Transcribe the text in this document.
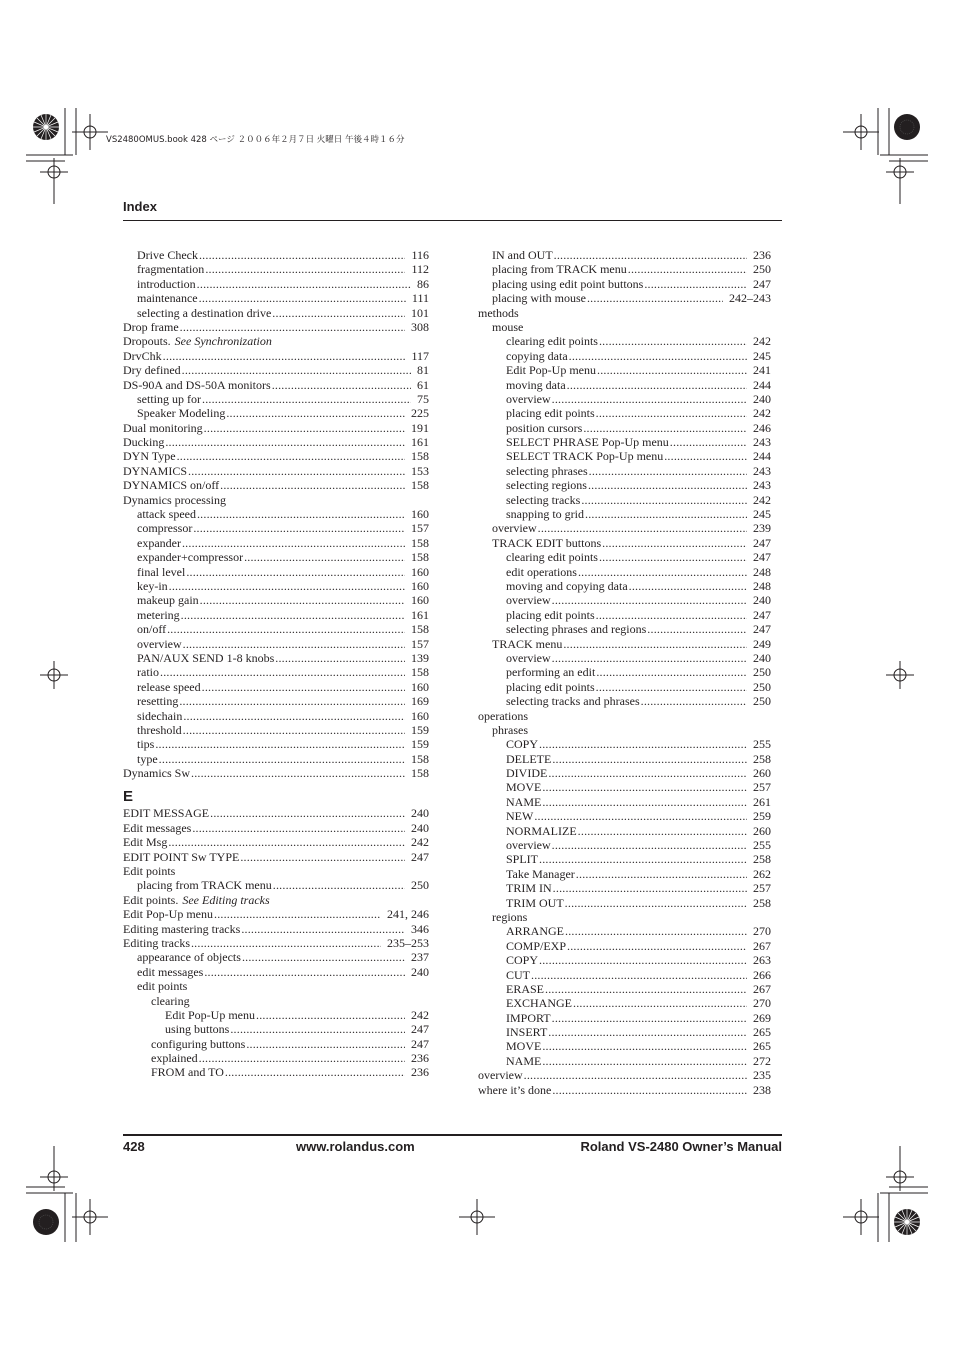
VS2480OMUS.book 428 ページ ２００６年２月７日 火曜日 午後４時１６分
Index
Drive Check .....	116
fragmentation .....	112
introduction .....	86
maintenance .....	111
selecting a destination drive .....	101
Drop frame .....	308
Dropouts. See Synchronization
DrvChk .....	117
Dry defined .....	81
DS-90A and DS-50A monitors .....	61
setting up for .....	75
Speaker Modeling .....	225
Dual monitoring .....	191
Ducking .....	161
DYN Type .....	158
DYNAMICS .....	153
DYNAMICS on/off .....	158
Dynamics processing
attack speed .....	160
compressor .....	157
expander .....	158
expander+compressor .....	158
final level .....	160
key-in .....	160
makeup gain .....	160
metering .....	161
on/off .....	158
overview .....	157
PAN/AUX SEND 1-8 knobs .....	139
ratio .....	158
release speed .....	160
resetting .....	169
sidechain .....	160
threshold .....	159
tips .....	159
type .....	158
Dynamics Sw .....	158
E
EDIT MESSAGE .....	240
Edit messages .....	240
Edit Msg .....	242
EDIT POINT Sw TYPE .....	247
Edit points
placing from TRACK menu .....	250
Edit points. See Editing tracks
Edit Pop-Up menu .....	241, 246
Editing mastering tracks .....	346
Editing tracks .....	235–253
appearance of objects .....	237
edit messages .....	240
edit points
clearing
Edit Pop-Up menu .....	242
using buttons .....	247
configuring buttons .....	247
explained .....	236
FROM and TO .....	236
IN and OUT .....	236
placing from TRACK menu .....	250
placing using edit point buttons .....	247
placing with mouse .....	242–243
methods
mouse
clearing edit points .....	242
copying data .....	245
Edit Pop-Up menu .....	241
moving data .....	244
overview .....	240
placing edit points .....	242
position cursors .....	246
SELECT PHRASE Pop-Up menu .....	243
SELECT TRACK Pop-Up menu .....	244
selecting phrases .....	243
selecting regions .....	243
selecting tracks .....	242
snapping to grid .....	245
overview .....	239
TRACK EDIT buttons .....	247
clearing edit points .....	247
edit operations .....	248
moving and copying data .....	248
overview .....	240
placing edit points .....	247
selecting phrases and regions .....	247
TRACK menu .....	249
overview .....	240
performing an edit .....	250
placing edit points .....	250
selecting tracks and phrases .....	250
operations
phrases
COPY .....	255
DELETE .....	258
DIVIDE .....	260
MOVE .....	257
NAME .....	261
NEW .....	259
NORMALIZE .....	260
overview .....	255
SPLIT .....	258
Take Manager .....	262
TRIM IN .....	257
TRIM OUT .....	258
regions
ARRANGE .....	270
COMP/EXP .....	267
COPY .....	263
CUT .....	266
ERASE .....	267
EXCHANGE .....	270
IMPORT .....	269
INSERT .....	265
MOVE .....	265
NAME .....	272
overview .....	235
where it’s done .....	238
428	www.rolandus.com	Roland VS-2480 Owner’s Manual
